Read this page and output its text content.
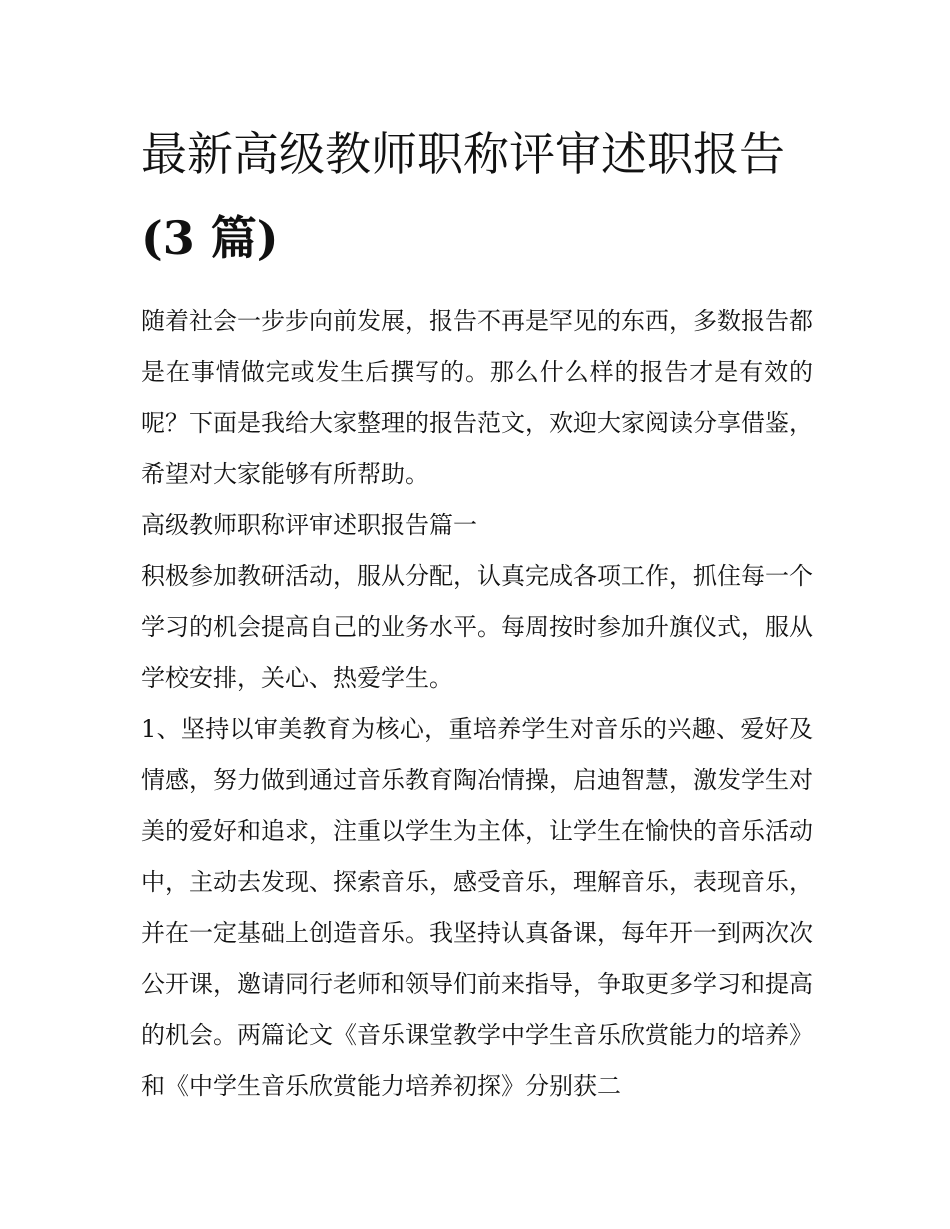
最新高级教师职称评审述职报告(3 篇)

随着社会一步步向前发展，报告不再是罕见的东西，多数报告都是在事情做完或发生后撰写的。那么什么样的报告才是有效的呢？下面是我给大家整理的报告范文，欢迎大家阅读分享借鉴，希望对大家能够有所帮助。

高级教师职称评审述职报告篇一

积极参加教研活动，服从分配，认真完成各项工作，抓住每一个学习的机会提高自己的业务水平。每周按时参加升旗仪式，服从学校安排，关心、热爱学生。

1、坚持以审美教育为核心，重培养学生对音乐的兴趣、爱好及情感，努力做到通过音乐教育陶冶情操，启迪智慧，激发学生对美的爱好和追求，注重以学生为主体，让学生在愉快的音乐活动中，主动去发现、探索音乐，感受音乐，理解音乐，表现音乐，并在一定基础上创造音乐。我坚持认真备课，每年开一到两次次公开课，邀请同行老师和领导们前来指导，争取更多学习和提高的机会。两篇论文《音乐课堂教学中学生音乐欣赏能力的培养》和《中学生音乐欣赏能力培养初探》分别获二
